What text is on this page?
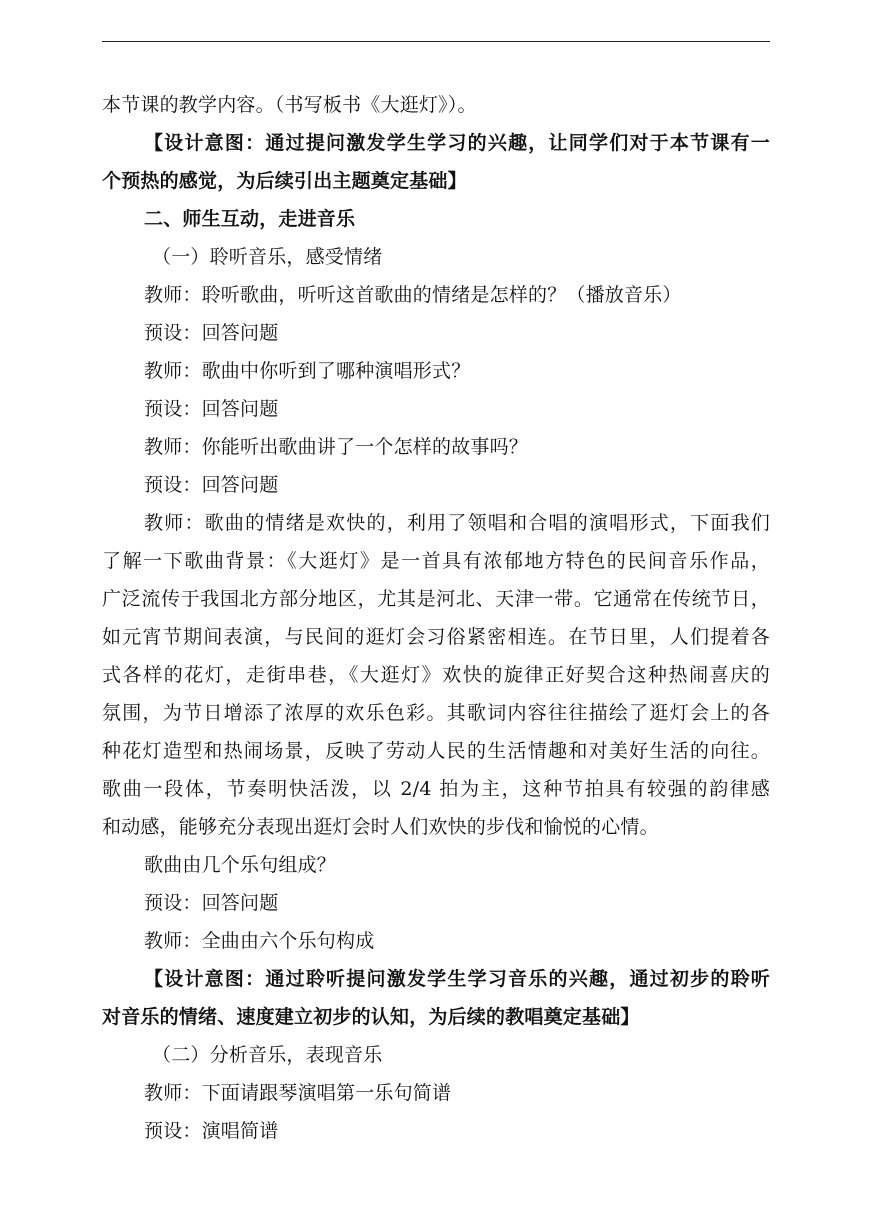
本节课的教学内容。（书写板书《大逛灯》）。
【设计意图：通过提问激发学生学习的兴趣，让同学们对于本节课有一
个预热的感觉，为后续引出主题奠定基础】
二、师生互动，走进音乐
（一）聆听音乐，感受情绪
教师：聆听歌曲，听听这首歌曲的情绪是怎样的？（播放音乐）
预设：回答问题
教师：歌曲中你听到了哪种演唱形式？
预设：回答问题
教师：你能听出歌曲讲了一个怎样的故事吗？
预设：回答问题
教师：歌曲的情绪是欢快的，利用了领唱和合唱的演唱形式，下面我们
了解一下歌曲背景：《大逛灯》是一首具有浓郁地方特色的民间音乐作品，
广泛流传于我国北方部分地区，尤其是河北、天津一带。它通常在传统节日，
如元宵节期间表演，与民间的逛灯会习俗紧密相连。在节日里，人们提着各
式各样的花灯，走街串巷，《大逛灯》欢快的旋律正好契合这种热闹喜庆的
氛围，为节日增添了浓厚的欢乐色彩。其歌词内容往往描绘了逛灯会上的各
种花灯造型和热闹场景，反映了劳动人民的生活情趣和对美好生活的向往。
歌曲一段体，节奏明快活泼，以 2/4 拍为主，这种节拍具有较强的韵律感
和动感，能够充分表现出逛灯会时人们欢快的步伐和愉悦的心情。
歌曲由几个乐句组成？
预设：回答问题
教师：全曲由六个乐句构成
【设计意图：通过聆听提问激发学生学习音乐的兴趣，通过初步的聆听
对音乐的情绪、速度建立初步的认知，为后续的教唱奠定基础】
（二）分析音乐，表现音乐
教师：下面请跟琴演唱第一乐句简谱
预设：演唱简谱
